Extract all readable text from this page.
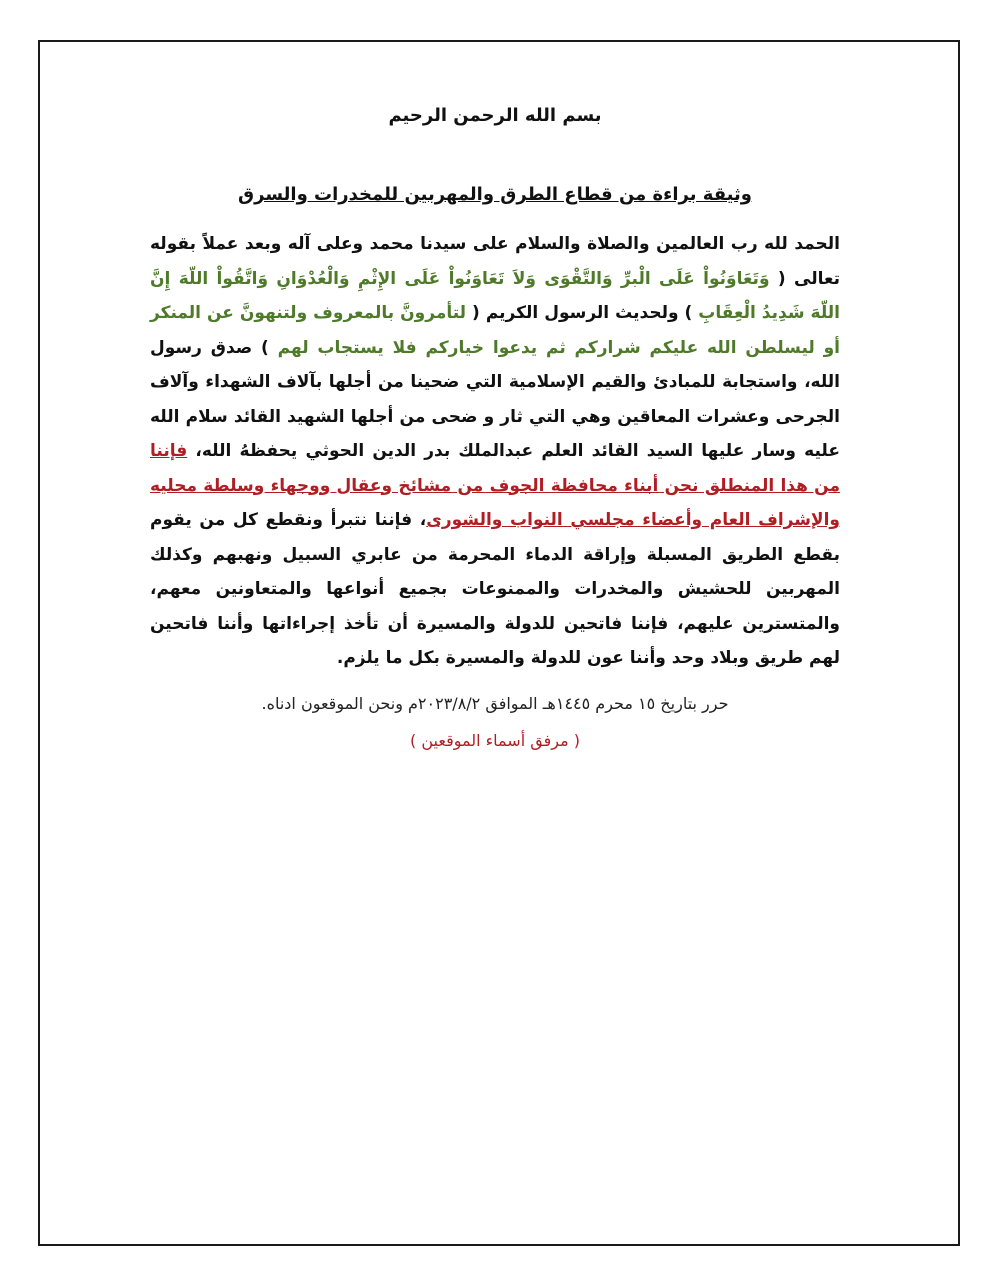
بسم الله الرحمن الرحيم

وثيقة براءة من قطاع الطرق والمهربين للمخدرات والسرق

الحمد لله رب العالمين والصلاة والسلام على سيدنا محمد وعلى آله وبعد عملاً بقوله تعالى ( وَتَعَاوَنُواْ عَلَى الْبرِّ وَالتَّقْوَى وَلاَ تَعَاوَنُواْ عَلَى الإِثْمِ وَالْعُدْوَانِ وَاتَّقُواْ اللّهَ إِنَّ اللّهَ شَدِيدُ الْعِقَابِ ) ولحديث الرسول الكريم ( لتأمرونَّ بالمعروف ولتنهونَّ عن المنكر أو ليسلطن الله عليكم شراركم ثم يدعوا خياركم فلا يستجاب لهم ) صدق رسول الله، واستجابة للمبادئ والقيم الإسلامية التي ضحينا من أجلها بآلاف الشهداء وآلاف الجرحى وعشرات المعاقين وهي التي ثار و ضحى من أجلها الشهيد القائد سلام الله عليه وسار عليها السيد القائد العلم عبدالملك بدر الدين الحوثي يحفظهُ الله، فإننا من هذا المنطلق نحن أبناء محافظة الجوف من مشائخ وعقال ووجهاء وسلطة محليه والإشراف العام وأعضاء مجلسي النواب والشورى، فإننا نتبرأ ونقطع كل من يقوم بقطع الطريق المسبلة وإراقة الدماء المحرمة من عابري السبيل ونهبهم وكذلك المهربين للحشيش والمخدرات والممنوعات بجميع أنواعها والمتعاونين معهم، والمتسترين عليهم، فإننا فاتحين للدولة والمسيرة أن تأخذ إجراءاتها وأننا فاتحين لهم طريق وبلاد وحد وأننا عون للدولة والمسيرة بكل ما يلزم.

حرر بتاريخ ١٥ محرم ١٤٤٥هـ الموافق ٢٠٢٣/٨/٢م ونحن الموقعون ادناه.

( مرفق أسماء الموقعين )
